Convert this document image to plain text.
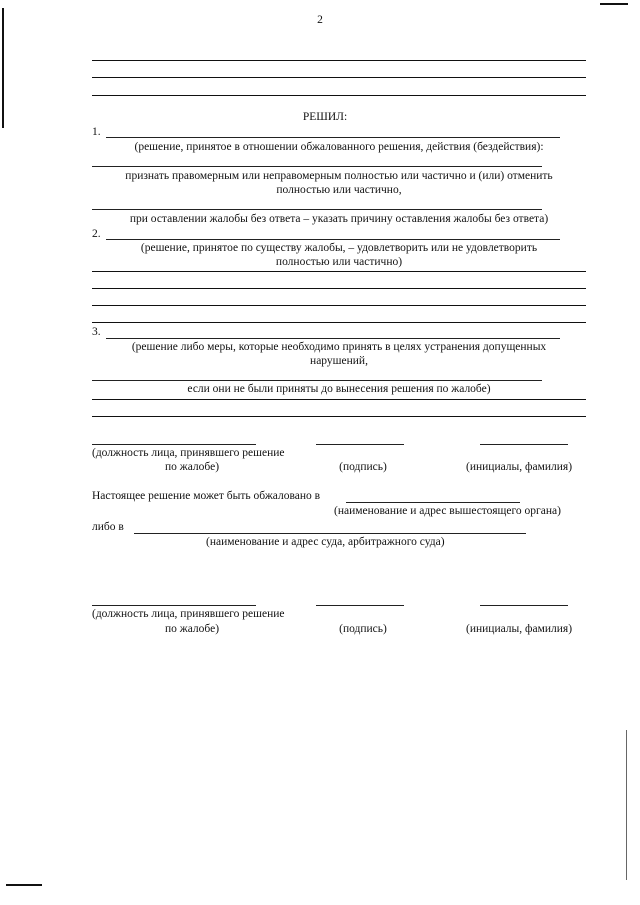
2
РЕШИЛ:
1.
(решение, принятое в отношении обжалованного решения, действия (бездействия):
признать правомерным или неправомерным полностью или частично и (или) отменить
полностью или частично,
при оставлении жалобы без ответа – указать причину оставления жалобы без ответа)
2.
(решение, принятое по существу жалобы, – удовлетворить или не удовлетворить
полностью или частично)
3.
(решение либо меры, которые необходимо принять в целях устранения допущенных
нарушений,
если они не были приняты до вынесения решения по жалобе)
(должность лица, принявшего решение
по жалобе)	(подпись)	(инициалы, фамилия)
Настоящее решение может быть обжаловано в
(наименование и адрес вышестоящего органа)
либо в
(наименование и адрес суда, арбитражного суда)
(должность лица, принявшего решение
по жалобе)	(подпись)	(инициалы, фамилия)
